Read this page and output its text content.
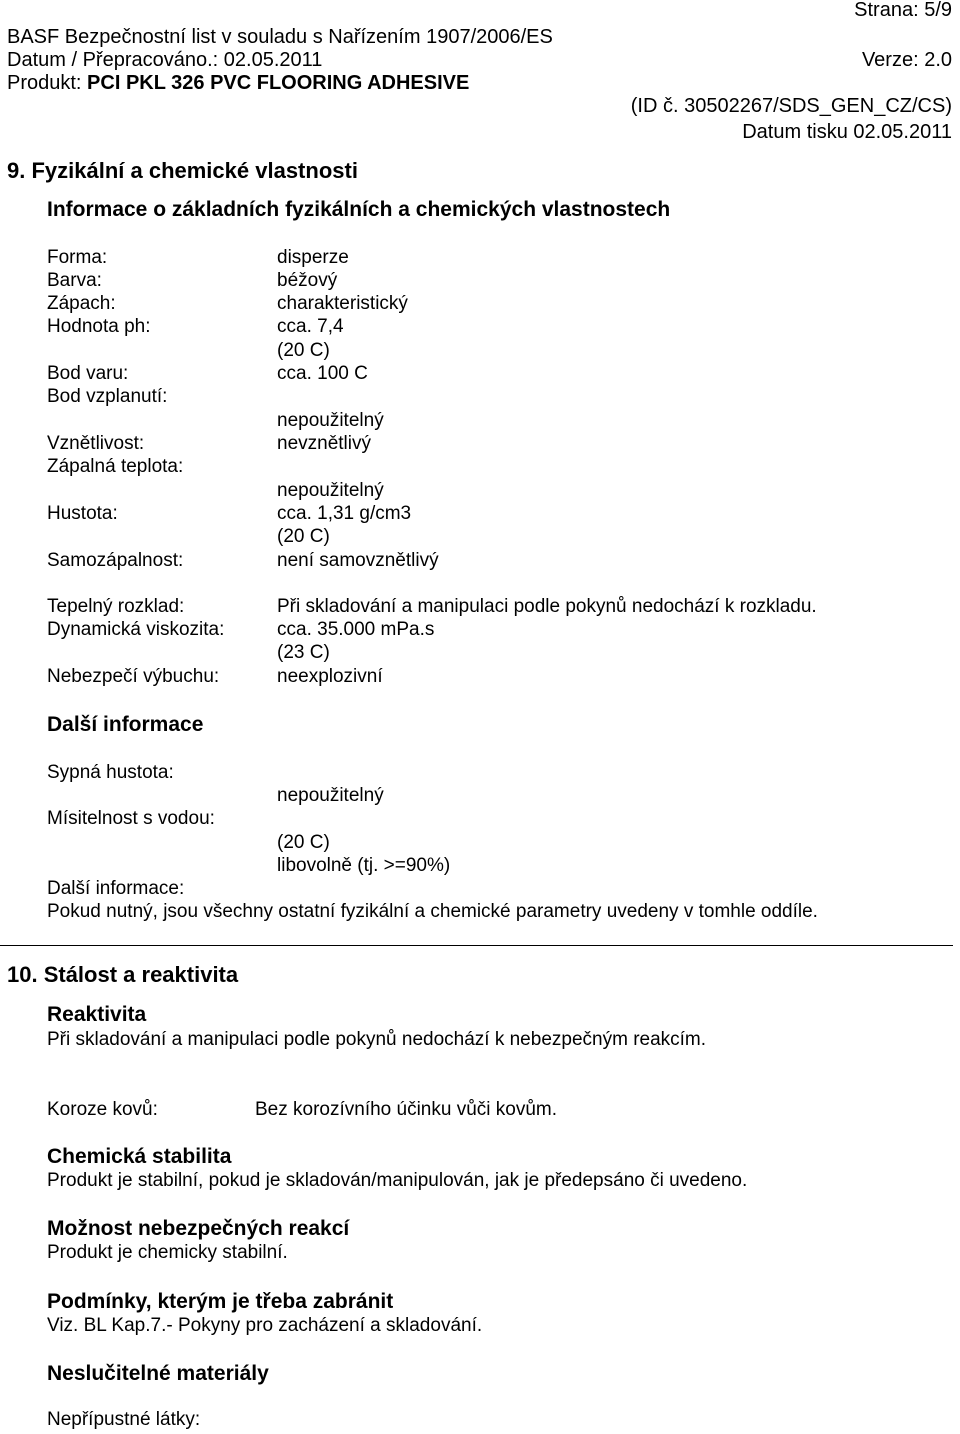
Strana: 5/9
BASF Bezpečnostní list v souladu s Nařízením 1907/2006/ES
Datum / Přepracováno.: 02.05.2011	Verze: 2.0
Produkt: PCI PKL 326 PVC FLOORING ADHESIVE
(ID č. 30502267/SDS_GEN_CZ/CS)
Datum tisku 02.05.2011
9. Fyzikální a chemické vlastnosti
Informace o základních fyzikálních a chemických vlastnostech
Forma:	disperze
Barva:	béžový
Zápach:	charakteristický
Hodnota ph:	cca. 7,4
(20 C)
Bod varu:	cca. 100 C
Bod vzplanutí:
nepoužitelný
Vznětlivost:	nevznětlivý
Zápalná teplota:
nepoužitelný
Hustota:	cca. 1,31 g/cm3
(20 C)
Samozápalnost:	není samovznětlivý
Tepelný rozklad:	Při skladování a manipulaci podle pokynů nedochází k rozkladu.
Dynamická viskozita:	cca. 35.000 mPa.s
(23 C)
Nebezpečí výbuchu:	neexplozivní
Další informace
Sypná hustota:
nepoužitelný
Mísitelnost s vodou:
(20 C)
libovolně (tj. >=90%)
Další informace:
Pokud nutný, jsou všechny ostatní fyzikální a chemické parametry uvedeny v tomhle oddíle.
10. Stálost a reaktivita
Reaktivita
Při skladování a manipulaci podle pokynů nedochází k nebezpečným reakcím.
Koroze kovů:	Bez korozívního účinku vůči kovům.
Chemická stabilita
Produkt je stabilní, pokud je skladován/manipulován, jak je předepsáno či uvedeno.
Možnost nebezpečných reakcí
Produkt je chemicky stabilní.
Podmínky, kterým je třeba zabránit
Viz. BL Kap.7.- Pokyny pro zacházení a skladování.
Neslučitelné materiály
Nepřípustné látky:
